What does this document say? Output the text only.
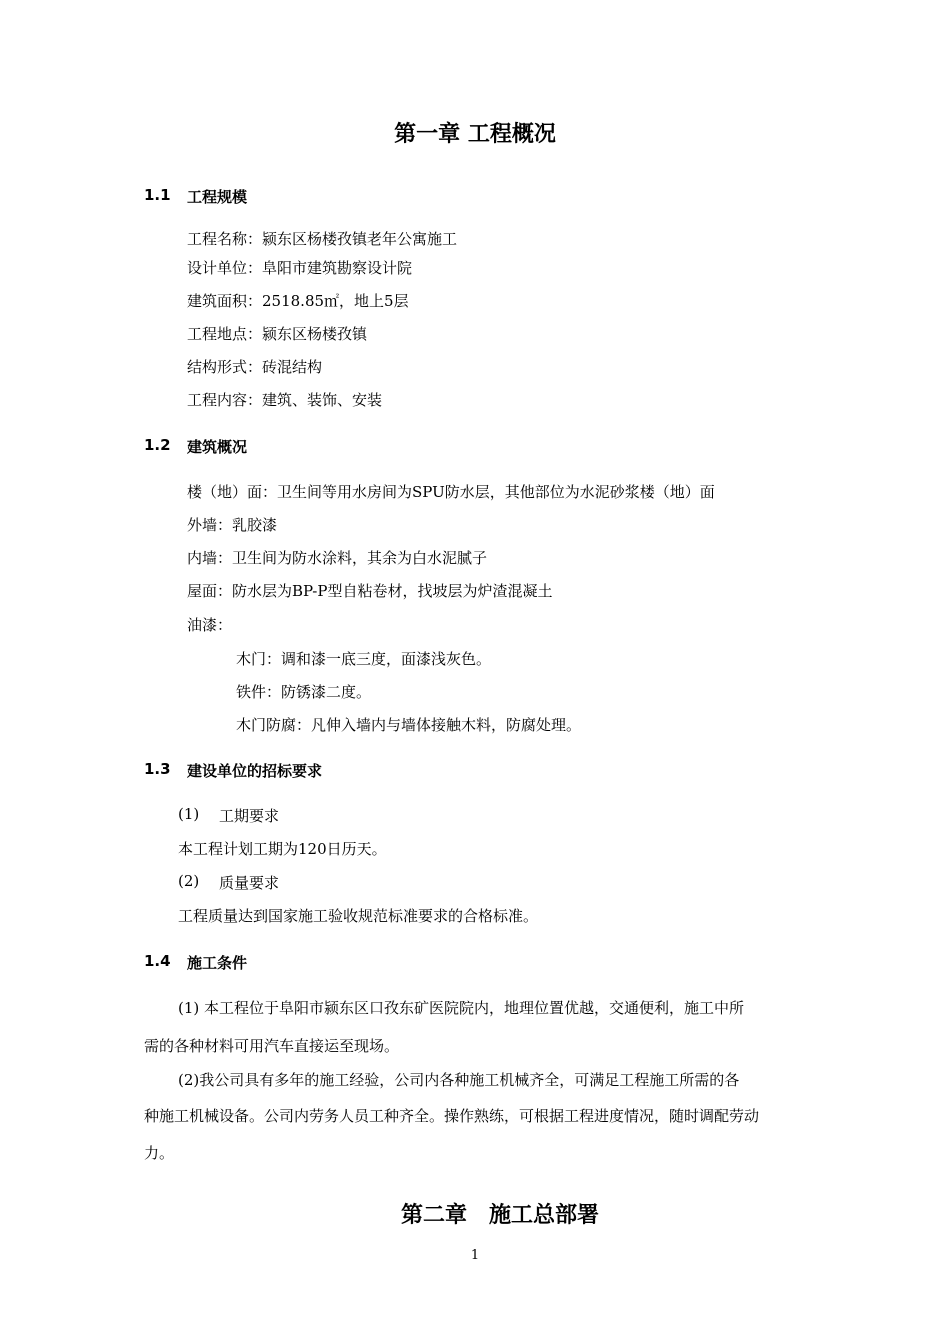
第一章 工程概况
1.1 工程规模
工程名称：颍东区杨楼孜镇老年公寓施工
设计单位：阜阳市建筑勘察设计院
建筑面积：2518.85㎡，地上5层
工程地点：颍东区杨楼孜镇
结构形式：砖混结构
工程内容：建筑、装饰、安装
1.2 建筑概况
楼（地）面：卫生间等用水房间为SPU防水层，其他部位为水泥砂浆楼（地）面
外墙：乳胶漆
内墙：卫生间为防水涂料，其余为白水泥腻子
屋面：防水层为BP-P型自粘卷材，找坡层为炉渣混凝土
油漆：
木门：调和漆一底三度，面漆浅灰色。
铁件：防锈漆二度。
木门防腐：凡伸入墙内与墙体接触木料，防腐处理。
1.3 建设单位的招标要求
(1) 工期要求
本工程计划工期为120日历天。
(2) 质量要求
工程质量达到国家施工验收规范标准要求的合格标准。
1.4 施工条件
(1) 本工程位于阜阳市颍东区口孜东矿医院院内，地理位置优越，交通便利，施工中所
需的各种材料可用汽车直接运至现场。
(2)我公司具有多年的施工经验，公司内各种施工机械齐全，可满足工程施工所需的各
种施工机械设备。公司内劳务人员工种齐全。操作熟练，可根据工程进度情况，随时调配劳动
力。
第二章　施工总部署
1
